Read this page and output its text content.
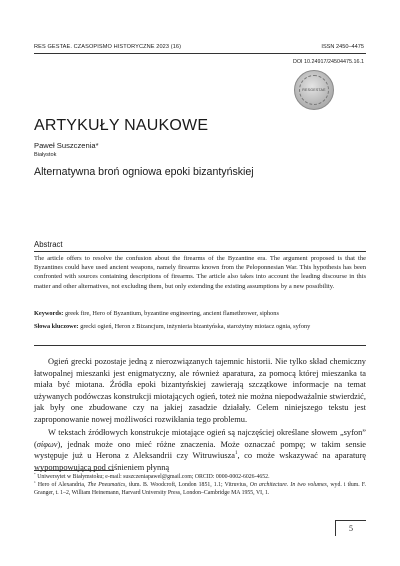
RES GESTAE. CZASOPISMO HISTORYCZNE 2023 (16)	ISSN 2450–4475
DOI 10.24917/24504475.16.1
RESGESTAE
ARTYKUŁY NAUKOWE
Paweł Suszczenia*
Białystok
Alternatywna broń ogniowa epoki bizantyńskiej
Abstract

The article offers to resolve the confusion about the firearms of the Byzantine era. The argument proposed is that the Byzantines could have used ancient weapons, namely firearms known from the Peloponnesian War. This hypothesis has been confronted with sources containing descriptions of firearms. The article also takes into account the leading discourse in this matter and other alternatives, not excluding them, but only extending the existing assumptions by a new possibility.

Keywords: greek fire, Hero of Byzantium, byzantine engineering, ancient flamethrower, siphons

Słowa kluczowe: grecki ogień, Heron z Bizancjum, inżynieria bizantyńska, starożytny miotacz ognia, syfony

Ogień grecki pozostaje jedną z nierozwiązanych tajemnic historii. Nie tylko skład chemiczny łatwopalnej mieszanki jest enigmatyczny, ale również aparatura, za pomocą której mieszanka ta miała być miotana. Źródła epoki bizantyńskiej zawierają szczątkowe informacje na temat używanych podówczas konstrukcji miotających ogień, toteż nie można niepodważalnie stwierdzić, jak były one zbudowane czy na jakiej zasadzie działały. Celem niniejszego tekstu jest zaproponowanie nowej możliwości rozwikłania tego problemu.

W tekstach źródłowych konstrukcje miotające ogień są najczęściej określane słowem „syfon” (σίφων), jednak może ono mieć różne znaczenia. Może oznaczać pompę; w takim sensie występuje już u Herona z Aleksandrii czy Witruwiusza$^1$, co może wskazywać na aparaturę wypompowującą pod ciśnieniem płynną

* Uniwersytet w Białymstoku; e-mail: suszczeniapawel@gmail.com; ORCID: 0000-0002-6026-4652.

$^1$ Hero of Alexandria, The Pneumatics, tłum. B. Woodcroft, London 1851, 1.1; Vitruvius, On architecture. In two volumes, wyd. i tłum. F. Granger, t. 1–2, William Heinemann, Harvard University Press, London–Cambridge MA 1955, VI, 1.

5
